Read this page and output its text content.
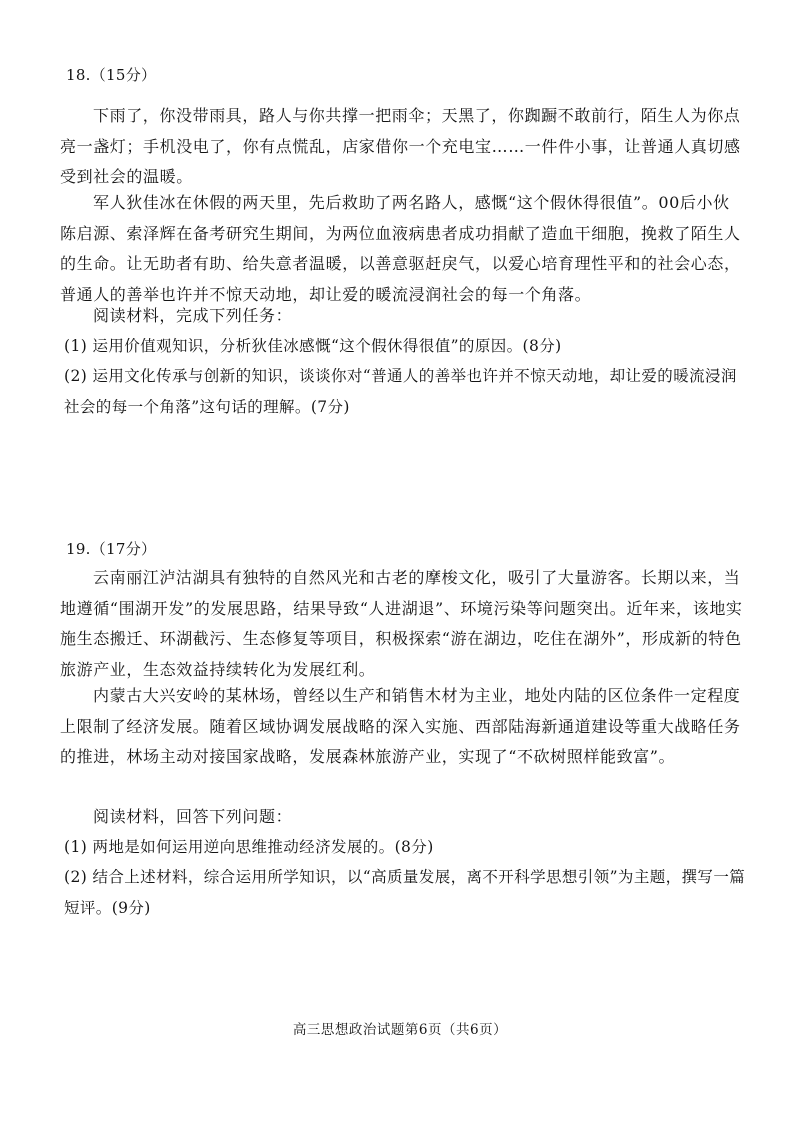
18.（15分）
下雨了，你没带雨具，路人与你共撑一把雨伞；天黑了，你踟蹰不敢前行，陌生人为你点亮一盏灯；手机没电了，你有点慌乱，店家借你一个充电宝……一件件小事，让普通人真切感受到社会的温暖。
军人狄佳冰在休假的两天里，先后救助了两名路人，感慨“这个假休得很值”。00后小伙陈启源、索泽辉在备考研究生期间，为两位血液病患者成功捐献了造血干细胞，挽救了陌生人的生命。让无助者有助、给失意者温暖，以善意驱赶戾气，以爱心培育理性平和的社会心态，普通人的善举也许并不惊天动地，却让爱的暖流浸润社会的每一个角落。
阅读材料，完成下列任务：
(1) 运用价值观知识，分析狄佳冰感慨“这个假休得很值”的原因。(8分)
(2) 运用文化传承与创新的知识，谈谈你对“普通人的善举也许并不惊天动地，却让爱的暖流浸润社会的每一个角落”这句话的理解。(7分)
19.（17分）
云南丽江泸沽湖具有独特的自然风光和古老的摩梭文化，吸引了大量游客。长期以来，当地遵循“围湖开发”的发展思路，结果导致“人进湖退”、环境污染等问题突出。近年来，该地实施生态搬迁、环湖截污、生态修复等项目，积极探索“游在湖边，吃住在湖外”，形成新的特色旅游产业，生态效益持续转化为发展红利。
内蒙古大兴安岭的某林场，曾经以生产和销售木材为主业，地处内陆的区位条件一定程度上限制了经济发展。随着区域协调发展战略的深入实施、西部陆海新通道建设等重大战略任务的推进，林场主动对接国家战略，发展森林旅游产业，实现了“不砍树照样能致富”。
阅读材料，回答下列问题：
(1) 两地是如何运用逆向思维推动经济发展的。(8分)
(2) 结合上述材料，综合运用所学知识，以“高质量发展，离不开科学思想引领”为主题，撰写一篇短评。(9分)
高三思想政治试题第6页（共6页）
